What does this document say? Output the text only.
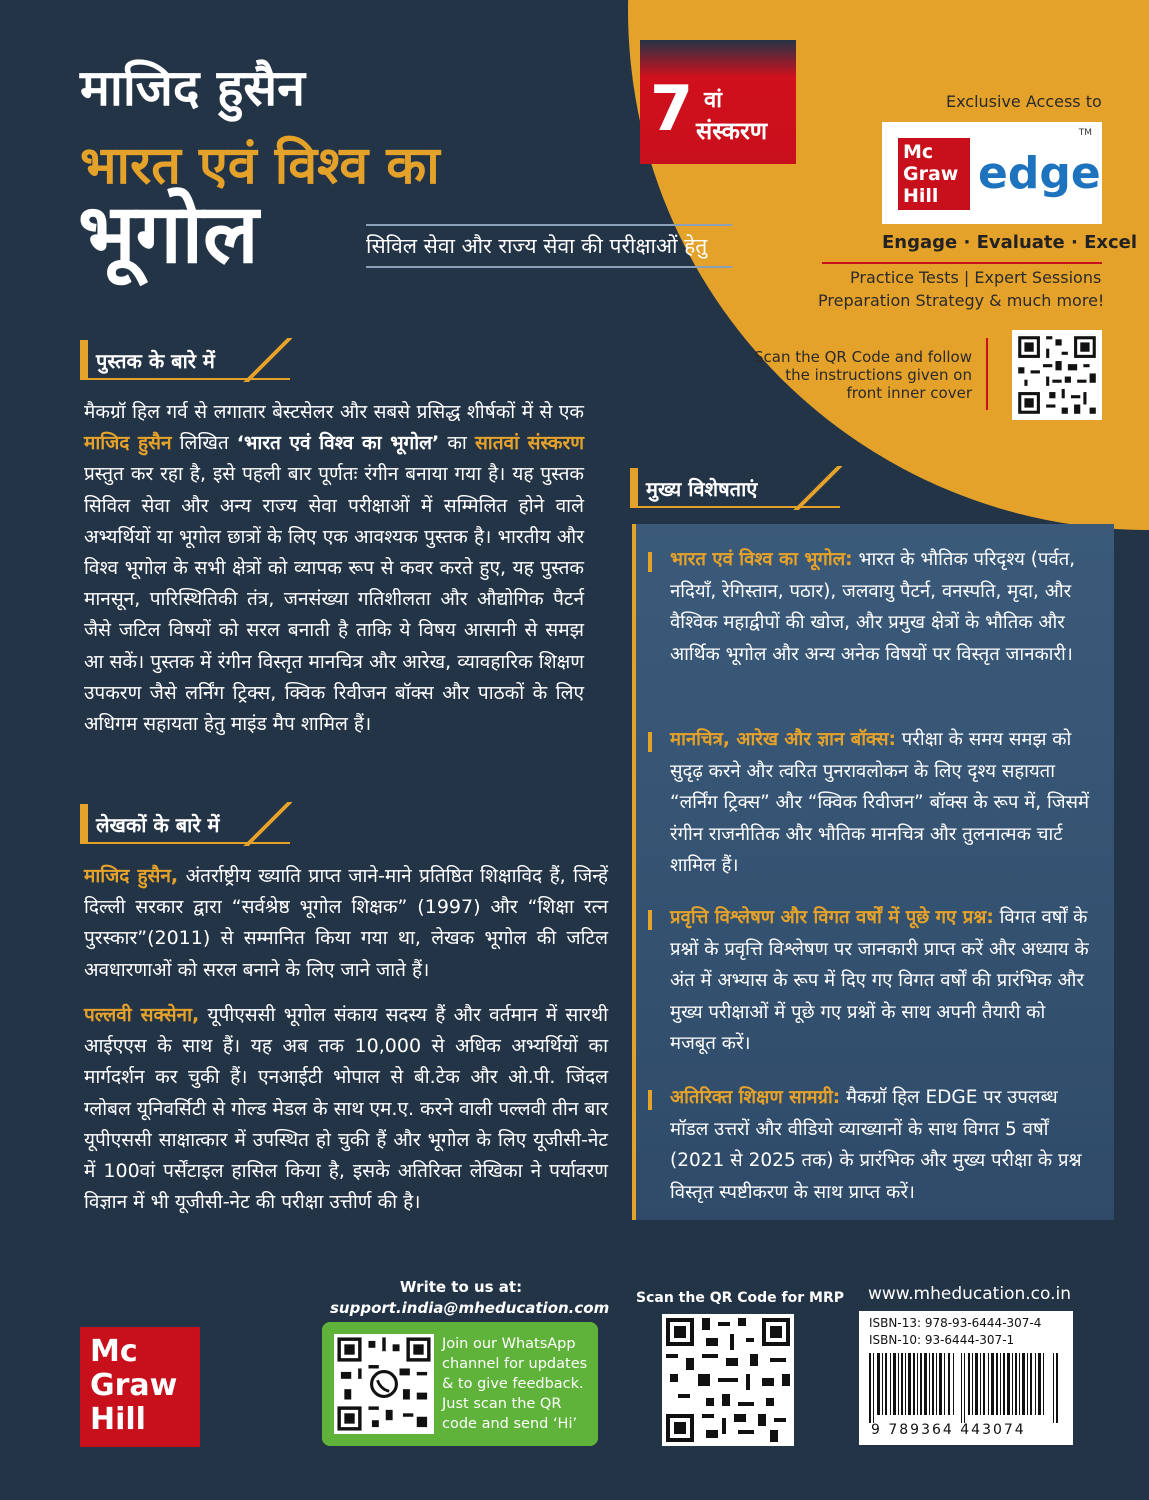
माजिद हुसैन
भारत एवं विश्व का
भूगोल	सिविल सेवा और राज्य सेवा की परीक्षाओं हेतु
7 वां
संस्करण
Exclusive Access to
Mc
Graw
Hill edge
TM
Engage · Evaluate · Excel
Practice Tests | Expert Sessions
Preparation Strategy & much more!
Scan the QR Code and follow the instructions given on front inner cover
पुस्तक के बारे में
मैकग्रॉ हिल गर्व से लगातार बेस्टसेलर और सबसे प्रसिद्ध शीर्षकों में से एक माजिद हुसैन लिखित ‘भारत एवं विश्व का भूगोल’ का सातवां संस्करण प्रस्तुत कर रहा है, इसे पहली बार पूर्णतः रंगीन बनाया गया है। यह पुस्तक सिविल सेवा और अन्य राज्य सेवा परीक्षाओं में सम्मिलित होने वाले अभ्यर्थियों या भूगोल छात्रों के लिए एक आवश्यक पुस्तक है। भारतीय और विश्व भूगोल के सभी क्षेत्रों को व्यापक रूप से कवर करते हुए, यह पुस्तक मानसून, पारिस्थितिकी तंत्र, जनसंख्या गतिशीलता और औद्योगिक पैटर्न जैसे जटिल विषयों को सरल बनाती है ताकि ये विषय आसानी से समझ आ सकें। पुस्तक में रंगीन विस्तृत मानचित्र और आरेख, व्यावहारिक शिक्षण उपकरण जैसे लर्निंग ट्रिक्स, क्विक रिवीजन बॉक्स और पाठकों के लिए अधिगम सहायता हेतु माइंड मैप शामिल हैं।
लेखकों के बारे में
माजिद हुसैन, अंतर्राष्ट्रीय ख्याति प्राप्त जाने-माने प्रतिष्ठित शिक्षाविद हैं, जिन्हें दिल्ली सरकार द्वारा “सर्वश्रेष्ठ भूगोल शिक्षक” (1997) और “शिक्षा रत्न पुरस्कार”(2011) से सम्मानित किया गया था, लेखक भूगोल की जटिल अवधारणाओं को सरल बनाने के लिए जाने जाते हैं।
पल्लवी सक्सेना, यूपीएससी भूगोल संकाय सदस्य हैं और वर्तमान में सारथी आईएएस के साथ हैं। यह अब तक 10,000 से अधिक अभ्यर्थियों का मार्गदर्शन कर चुकी हैं। एनआईटी भोपाल से बी.टेक और ओ.पी. जिंदल ग्लोबल यूनिवर्सिटी से गोल्ड मेडल के साथ एम.ए. करने वाली पल्लवी तीन बार यूपीएससी साक्षात्कार में उपस्थित हो चुकी हैं और भूगोल के लिए यूजीसी-नेट में 100वां पर्सेंटाइल हासिल किया है, इसके अतिरिक्त लेखिका ने पर्यावरण विज्ञान में भी यूजीसी-नेट की परीक्षा उत्तीर्ण की है।
मुख्य विशेषताएं
भारत एवं विश्व का भूगोल: भारत के भौतिक परिदृश्य (पर्वत, नदियाँ, रेगिस्तान, पठार), जलवायु पैटर्न, वनस्पति, मृदा, और वैश्विक महाद्वीपों की खोज, और प्रमुख क्षेत्रों के भौतिक और आर्थिक भूगोल और अन्य अनेक विषयों पर विस्तृत जानकारी।
मानचित्र, आरेख और ज्ञान बॉक्स: परीक्षा के समय समझ को सुदृढ़ करने और त्वरित पुनरावलोकन के लिए दृश्य सहायता “लर्निंग ट्रिक्स” और “क्विक रिवीजन” बॉक्स के रूप में, जिसमें रंगीन राजनीतिक और भौतिक मानचित्र और तुलनात्मक चार्ट शामिल हैं।
प्रवृत्ति विश्लेषण और विगत वर्षों में पूछे गए प्रश्न: विगत वर्षों के प्रश्नों के प्रवृत्ति विश्लेषण पर जानकारी प्राप्त करें और अध्याय के अंत में अभ्यास के रूप में दिए गए विगत वर्षों की प्रारंभिक और मुख्य परीक्षाओं में पूछे गए प्रश्नों के साथ अपनी तैयारी को मजबूत करें।
अतिरिक्त शिक्षण सामग्री: मैकग्रॉ हिल EDGE पर उपलब्ध मॉडल उत्तरों और वीडियो व्याख्यानों के साथ विगत 5 वर्षों (2021 से 2025 तक) के प्रारंभिक और मुख्य परीक्षा के प्रश्न विस्तृत स्पष्टीकरण के साथ प्राप्त करें।
Mc
Graw
Hill
Write to us at:
support.india@mheducation.com
Join our WhatsApp channel for updates & to give feedback. Just scan the QR code and send ‘Hi’
Scan the QR Code for MRP www.mheducation.co.in
ISBN-13: 978-93-6444-307-4
ISBN-10: 93-6444-307-1
9 789364 443074
